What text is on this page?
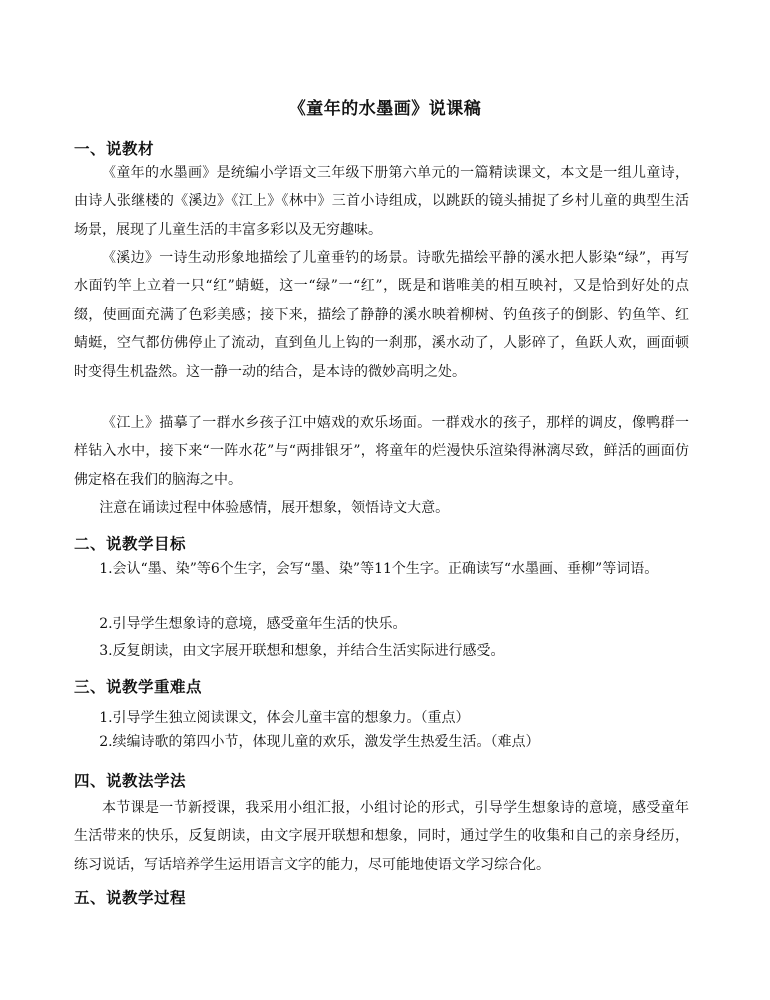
《童年的水墨画》说课稿
一、说教材
《童年的水墨画》是统编小学语文三年级下册第六单元的一篇精读课文，本文是一组儿童诗，由诗人张继楼的《溪边》《江上》《林中》三首小诗组成，以跳跃的镜头捕捉了乡村儿童的典型生活场景，展现了儿童生活的丰富多彩以及无穷趣味。
《溪边》一诗生动形象地描绘了儿童垂钓的场景。诗歌先描绘平静的溪水把人影染“绿”，再写水面钓竿上立着一只“红”蜻蜓，这一“绿”一“红”，既是和谐唯美的相互映衬，又是恰到好处的点缀，使画面充满了色彩美感；接下来，描绘了静静的溪水映着柳树、钓鱼孩子的倒影、钓鱼竿、红蜻蜓，空气都仿佛停止了流动，直到鱼儿上钩的一刹那，溪水动了，人影碎了，鱼跃人欢，画面顿时变得生机盎然。这一静一动的结合，是本诗的微妙高明之处。
《江上》描摹了一群水乡孩子江中嬉戏的欢乐场面。一群戏水的孩子，那样的调皮，像鸭群一样钻入水中，接下来“一阵水花”与“两排银牙”，将童年的烂漫快乐渲染得淋漓尽致，鲜活的画面仿佛定格在我们的脑海之中。
注意在诵读过程中体验感情，展开想象，领悟诗文大意。
二、说教学目标
1.会认“墨、染”等6个生字，会写“墨、染”等11个生字。正确读写“水墨画、垂柳”等词语。
2.引导学生想象诗的意境，感受童年生活的快乐。
3.反复朗读，由文字展开联想和想象，并结合生活实际进行感受。
三、说教学重难点
1.引导学生独立阅读课文，体会儿童丰富的想象力。（重点）
2.续编诗歌的第四小节，体现儿童的欢乐，激发学生热爱生活。（难点）
四、说教法学法
本节课是一节新授课，我采用小组汇报，小组讨论的形式，引导学生想象诗的意境，感受童年生活带来的快乐，反复朗读，由文字展开联想和想象，同时，通过学生的收集和自己的亲身经历，练习说话，写话培养学生运用语言文字的能力，尽可能地使语文学习综合化。
五、说教学过程
